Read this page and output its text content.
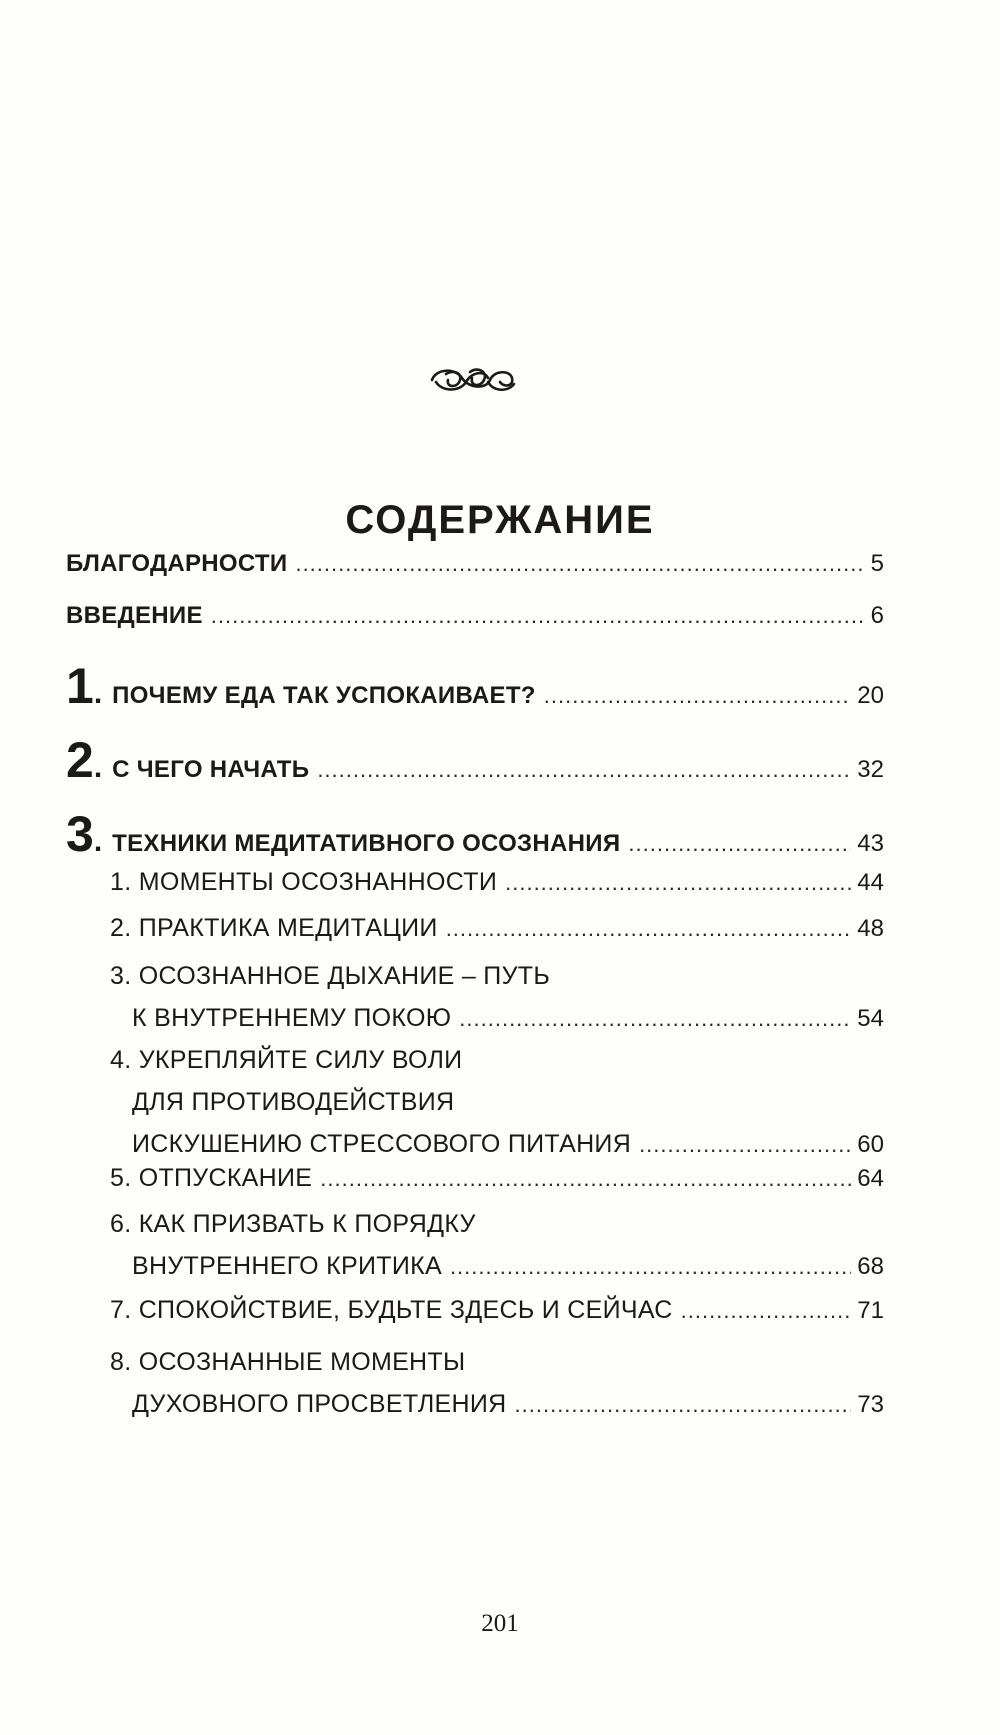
СОДЕРЖАНИЕ
БЛАГОДАРНОСТИ .....	5
ВВЕДЕНИЕ .....	6
1 . ПОЧЕМУ ЕДА ТАК УСПОКАИВАЕТ? .....	20
2 . С ЧЕГО НАЧАТЬ .....	32
3 . ТЕХНИКИ МЕДИТАТИВНОГО ОСОЗНАНИЯ .....	43
1. МОМЕНТЫ ОСОЗНАННОСТИ .....	44
2. ПРАКТИКА МЕДИТАЦИИ .....	48
3. ОСОЗНАННОЕ ДЫХАНИЕ – ПУТЬ
К ВНУТРЕННЕМУ ПОКОЮ .....	54
4. УКРЕПЛЯЙТЕ СИЛУ ВОЛИ
ДЛЯ ПРОТИВОДЕЙСТВИЯ
ИСКУШЕНИЮ СТРЕССОВОГО ПИТАНИЯ .....	60
5. ОТПУСКАНИЕ .....	64
6. КАК ПРИЗВАТЬ К ПОРЯДКУ
ВНУТРЕННЕГО КРИТИКА .....	68
7. СПОКОЙСТВИЕ, БУДЬТЕ ЗДЕСЬ И СЕЙЧАС .....	71
8. ОСОЗНАННЫЕ МОМЕНТЫ
ДУХОВНОГО ПРОСВЕТЛЕНИЯ .....	73
201
